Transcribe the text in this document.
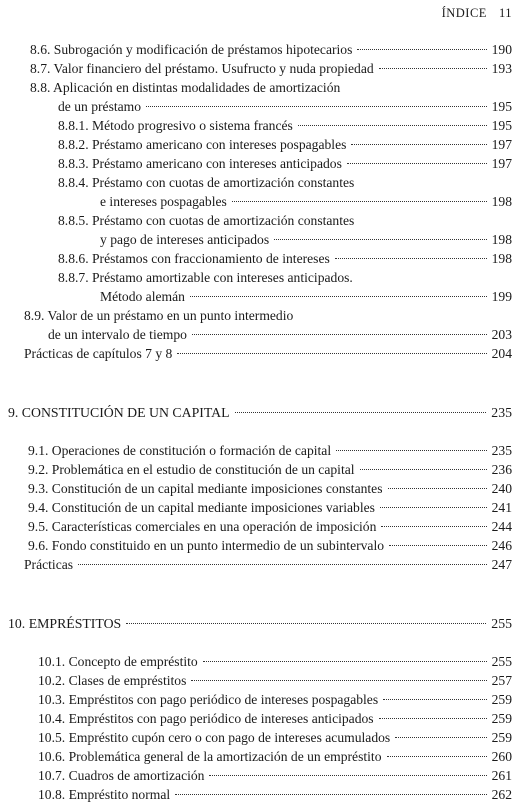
ÍNDICE 11
8.6. Subrogación y modificación de préstamos hipotecarios	190
8.7. Valor financiero del préstamo. Usufructo y nuda propiedad	193
8.8. Aplicación en distintas modalidades de amortización
de un préstamo	195
8.8.1. Método progresivo o sistema francés	195
8.8.2. Préstamo americano con intereses pospagables	197
8.8.3. Préstamo americano con intereses anticipados	197
8.8.4. Préstamo con cuotas de amortización constantes
e intereses pospagables	198
8.8.5. Préstamo con cuotas de amortización constantes
y pago de intereses anticipados	198
8.8.6. Préstamos con fraccionamiento de intereses	198
8.8.7. Préstamo amortizable con intereses anticipados.
Método alemán	199
8.9. Valor de un préstamo en un punto intermedio
de un intervalo de tiempo	203
Prácticas de capítulos 7 y 8	204
9. CONSTITUCIÓN DE UN CAPITAL	235
9.1. Operaciones de constitución o formación de capital	235
9.2. Problemática en el estudio de constitución de un capital	236
9.3. Constitución de un capital mediante imposiciones constantes	240
9.4. Constitución de un capital mediante imposiciones variables	241
9.5. Características comerciales en una operación de imposición	244
9.6. Fondo constituido en un punto intermedio de un subintervalo	246
Prácticas	247
10. EMPRÉSTITOS	255
10.1. Concepto de empréstito	255
10.2. Clases de empréstitos	257
10.3. Empréstitos con pago periódico de intereses pospagables	259
10.4. Empréstitos con pago periódico de intereses anticipados	259
10.5. Empréstito cupón cero o con pago de intereses acumulados	259
10.6. Problemática general de la amortización de un empréstito	260
10.7. Cuadros de amortización	261
10.8. Empréstito normal	262
